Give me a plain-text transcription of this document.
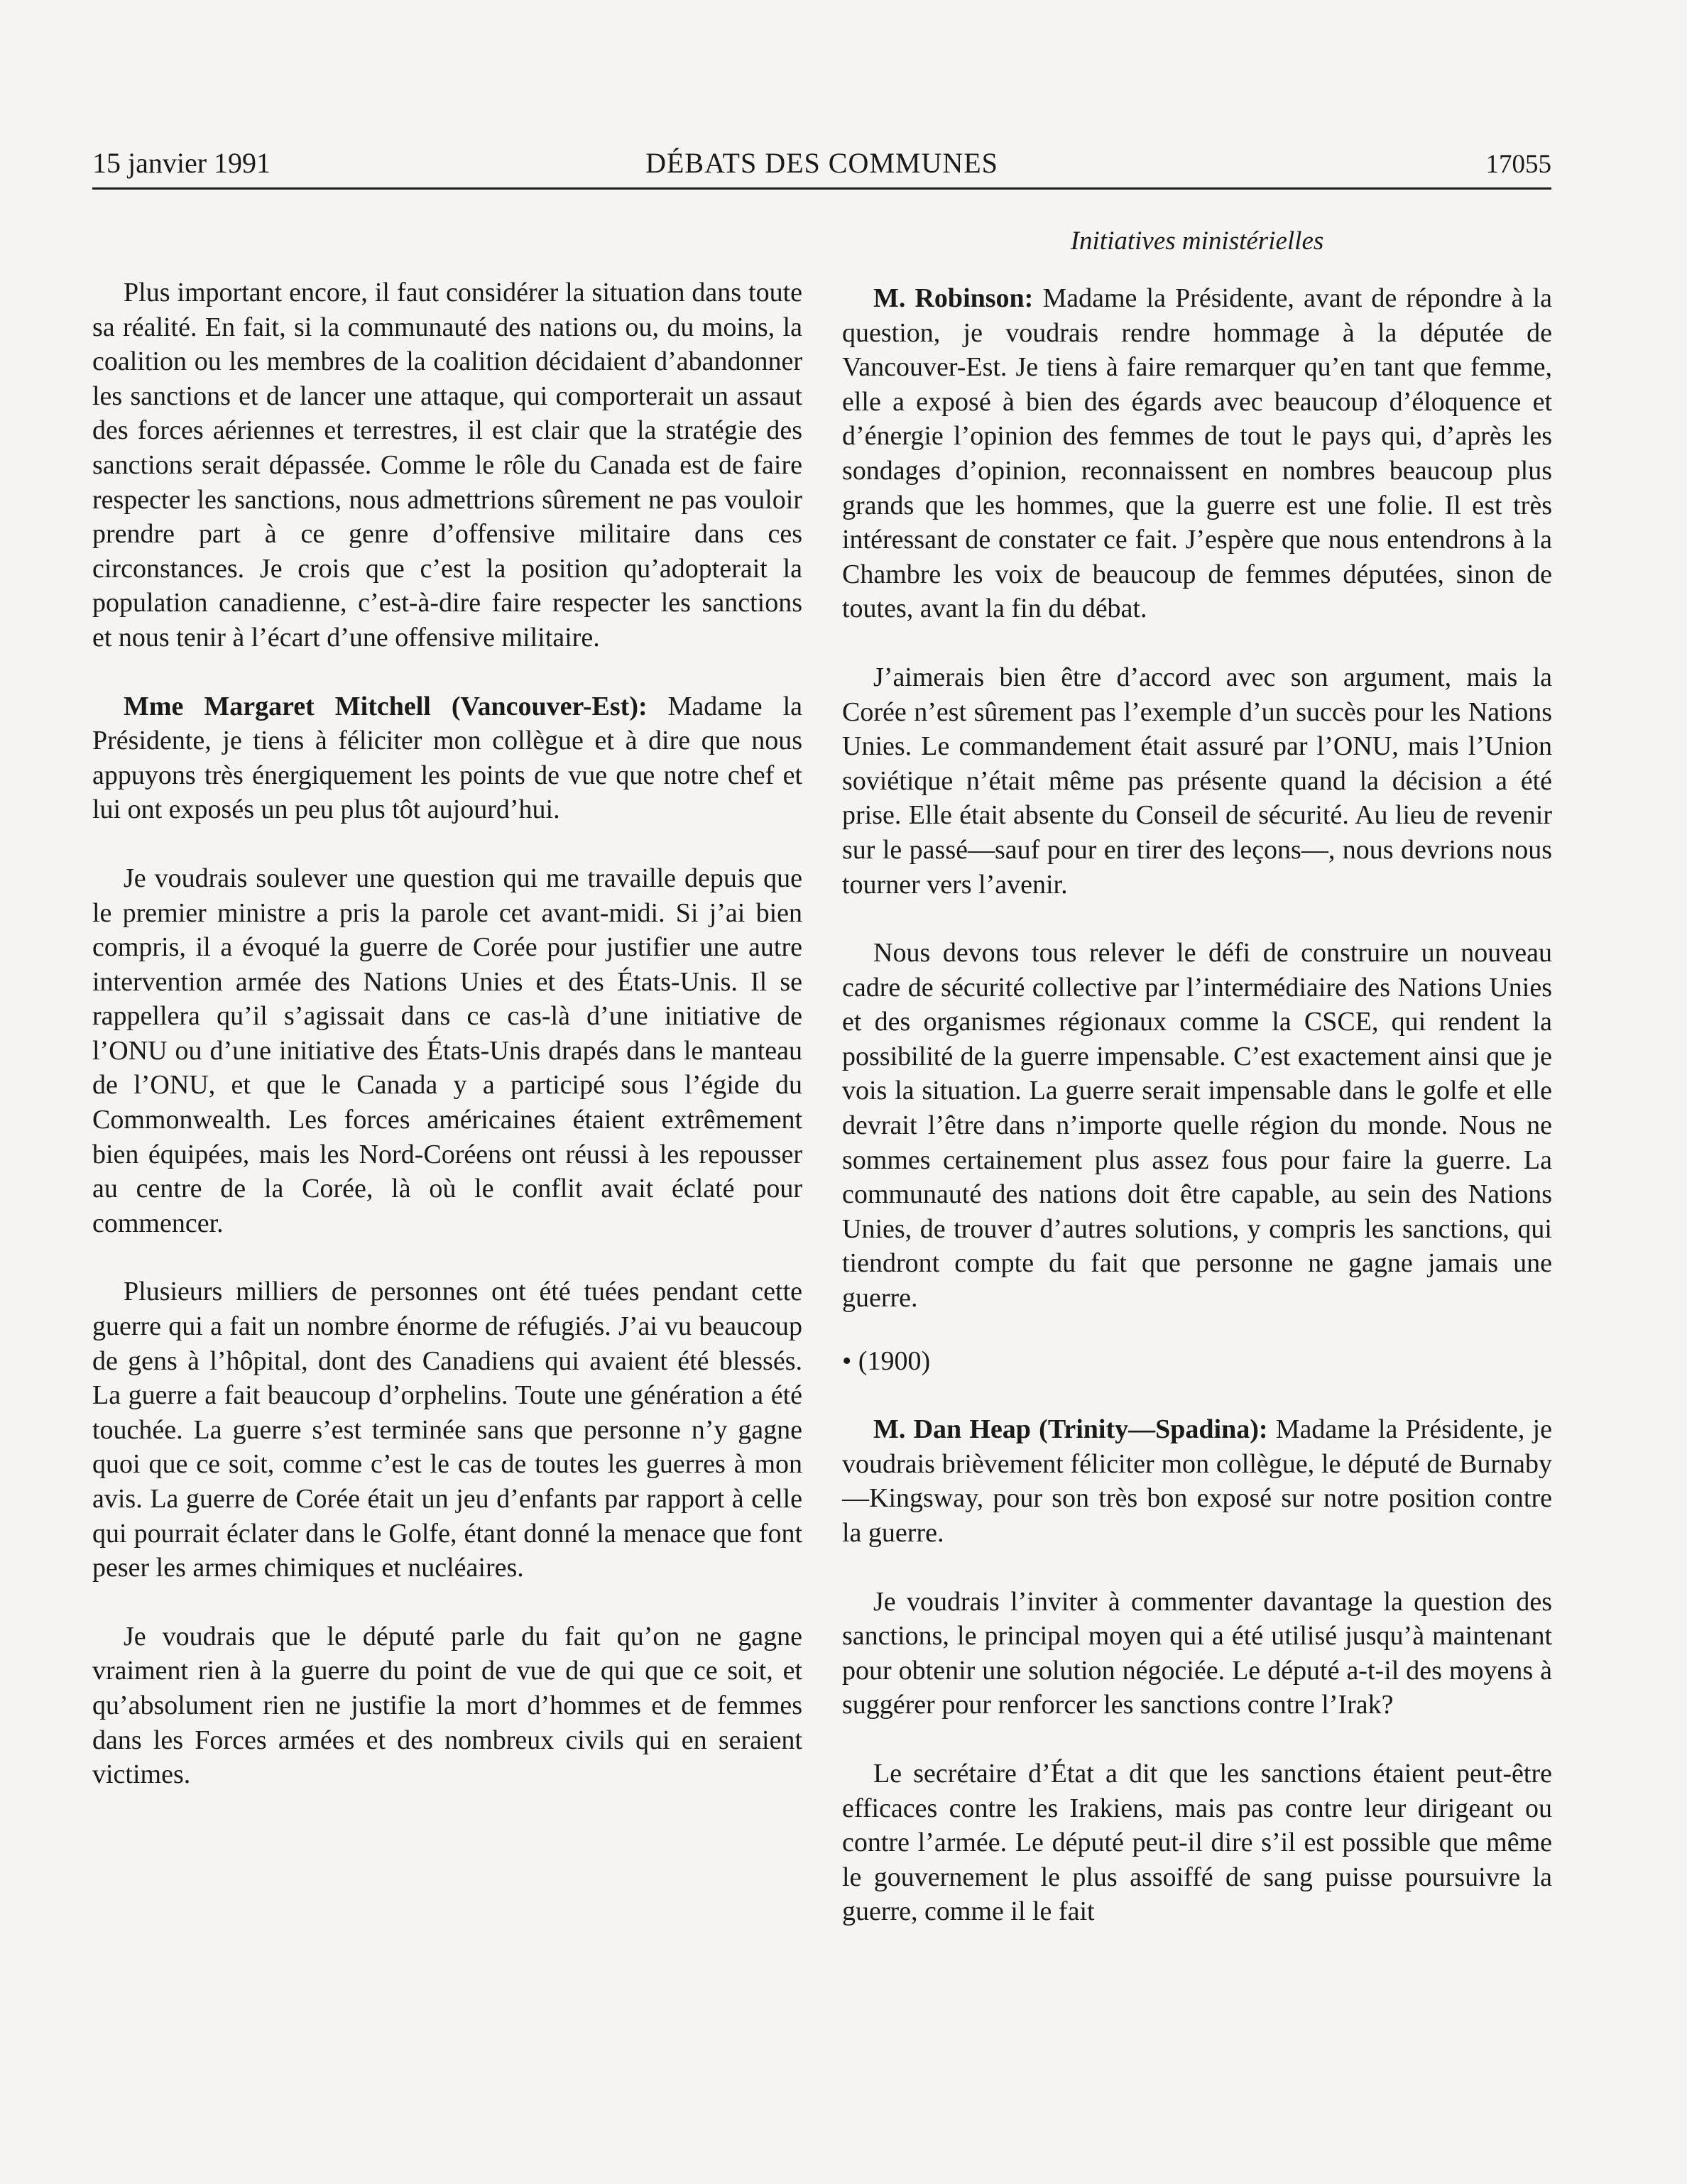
15 janvier 1991	DÉBATS DES COMMUNES	17055
Initiatives ministérielles

Plus important encore, il faut considérer la situation dans toute sa réalité. En fait, si la communauté des nations ou, du moins, la coalition ou les membres de la coalition décidaient d’abandonner les sanctions et de lancer une attaque, qui comporterait un assaut des forces aériennes et terrestres, il est clair que la stratégie des sanctions serait dépassée. Comme le rôle du Canada est de faire respecter les sanctions, nous admettrions sûrement ne pas vouloir prendre part à ce genre d’offensive militaire dans ces circonstances. Je crois que c’est la position qu’adopterait la population canadienne, c’est-à-dire faire respecter les sanctions et nous tenir à l’écart d’une offensive militaire.

Mme Margaret Mitchell (Vancouver-Est): Madame la Présidente, je tiens à féliciter mon collègue et à dire que nous appuyons très énergiquement les points de vue que notre chef et lui ont exposés un peu plus tôt aujourd’hui.

Je voudrais soulever une question qui me travaille depuis que le premier ministre a pris la parole cet avant-midi. Si j’ai bien compris, il a évoqué la guerre de Corée pour justifier une autre intervention armée des Nations Unies et des États-Unis. Il se rappellera qu’il s’agissait dans ce cas-là d’une initiative de l’ONU ou d’une initiative des États-Unis drapés dans le manteau de l’ONU, et que le Canada y a participé sous l’égide du Commonwealth. Les forces américaines étaient extrêmement bien équipées, mais les Nord-Coréens ont réussi à les repousser au centre de la Corée, là où le conflit avait éclaté pour commencer.

Plusieurs milliers de personnes ont été tuées pendant cette guerre qui a fait un nombre énorme de réfugiés. J’ai vu beaucoup de gens à l’hôpital, dont des Canadiens qui avaient été blessés. La guerre a fait beaucoup d’orphelins. Toute une génération a été touchée. La guerre s’est terminée sans que personne n’y gagne quoi que ce soit, comme c’est le cas de toutes les guerres à mon avis. La guerre de Corée était un jeu d’enfants par rapport à celle qui pourrait éclater dans le Golfe, étant donné la menace que font peser les armes chimiques et nucléaires.

Je voudrais que le député parle du fait qu’on ne gagne vraiment rien à la guerre du point de vue de qui que ce soit, et qu’absolument rien ne justifie la mort d’hommes et de femmes dans les Forces armées et des nombreux civils qui en seraient victimes.

M. Robinson: Madame la Présidente, avant de répondre à la question, je voudrais rendre hommage à la députée de Vancouver-Est. Je tiens à faire remarquer qu’en tant que femme, elle a exposé à bien des égards avec beaucoup d’éloquence et d’énergie l’opinion des femmes de tout le pays qui, d’après les sondages d’opinion, reconnaissent en nombres beaucoup plus grands que les hommes, que la guerre est une folie. Il est très intéressant de constater ce fait. J’espère que nous entendrons à la Chambre les voix de beaucoup de femmes députées, sinon de toutes, avant la fin du débat.

J’aimerais bien être d’accord avec son argument, mais la Corée n’est sûrement pas l’exemple d’un succès pour les Nations Unies. Le commandement était assuré par l’ONU, mais l’Union soviétique n’était même pas présente quand la décision a été prise. Elle était absente du Conseil de sécurité. Au lieu de revenir sur le passé—sauf pour en tirer des leçons—, nous devrions nous tourner vers l’avenir.

Nous devons tous relever le défi de construire un nouveau cadre de sécurité collective par l’intermédiaire des Nations Unies et des organismes régionaux comme la CSCE, qui rendent la possibilité de la guerre impensable. C’est exactement ainsi que je vois la situation. La guerre serait impensable dans le golfe et elle devrait l’être dans n’importe quelle région du monde. Nous ne sommes certainement plus assez fous pour faire la guerre. La communauté des nations doit être capable, au sein des Nations Unies, de trouver d’autres solutions, y compris les sanctions, qui tiendront compte du fait que personne ne gagne jamais une guerre.

• (1900)

M. Dan Heap (Trinity—Spadina): Madame la Présidente, je voudrais brièvement féliciter mon collègue, le député de Burnaby—Kingsway, pour son très bon exposé sur notre position contre la guerre.

Je voudrais l’inviter à commenter davantage la question des sanctions, le principal moyen qui a été utilisé jusqu’à maintenant pour obtenir une solution négociée. Le député a-t-il des moyens à suggérer pour renforcer les sanctions contre l’Irak?

Le secrétaire d’État a dit que les sanctions étaient peut-être efficaces contre les Irakiens, mais pas contre leur dirigeant ou contre l’armée. Le député peut-il dire s’il est possible que même le gouvernement le plus assoiffé de sang puisse poursuivre la guerre, comme il le fait
